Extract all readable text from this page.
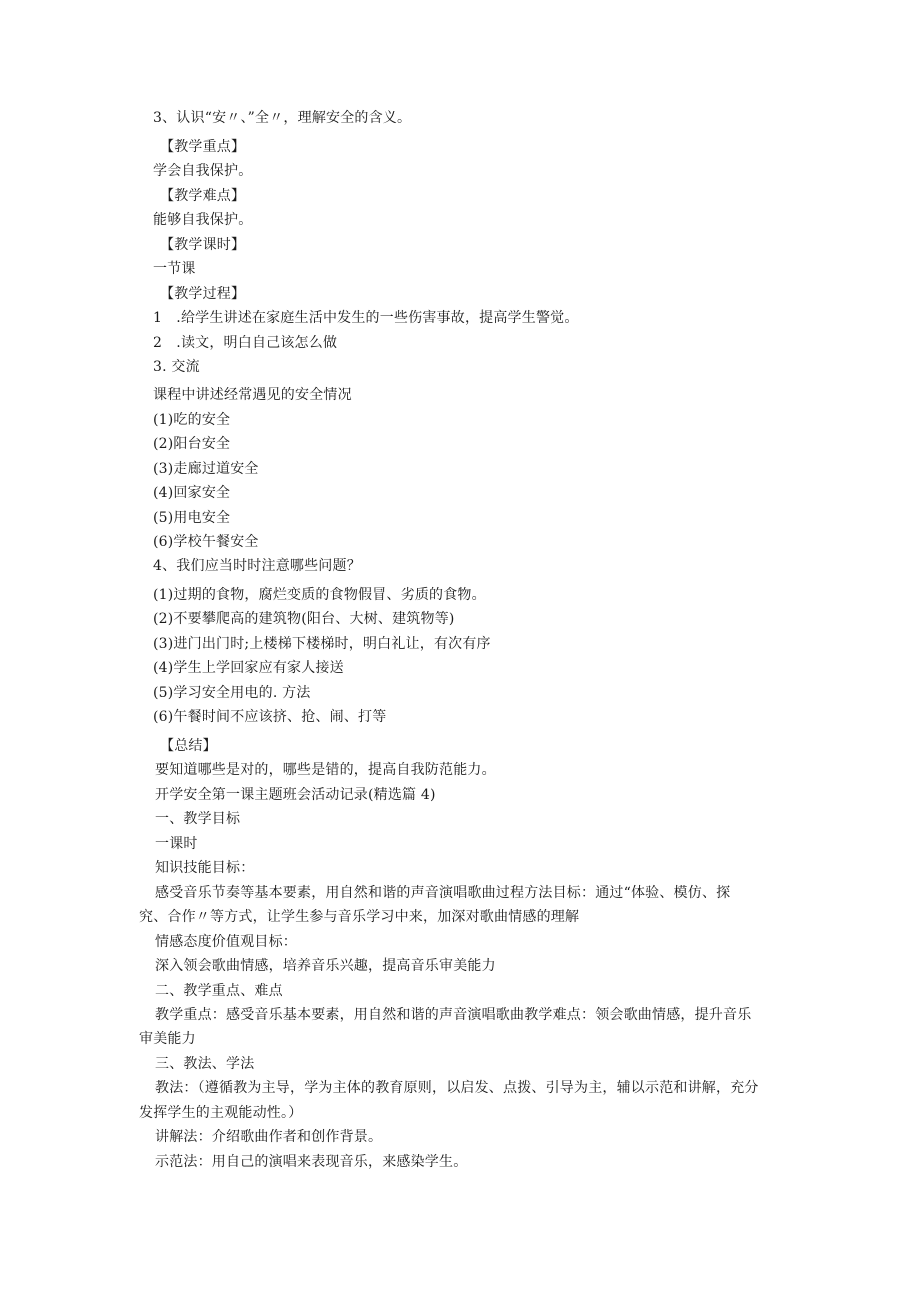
3、认识“安〃、”全〃，理解安全的含义。
【教学重点】
学会自我保护。
【教学难点】
能够自我保护。
【教学课时】
一节课
【教学过程】
1　.给学生讲述在家庭生活中发生的一些伤害事故，提高学生警觉。
2　.读文，明白自己该怎么做
3. 交流
课程中讲述经常遇见的安全情况
(1)吃的安全
(2)阳台安全
(3)走廊过道安全
(4)回家安全
(5)用电安全
(6)学校午餐安全
4、我们应当时时注意哪些问题？
(1)过期的食物，腐烂变质的食物假冒、劣质的食物。
(2)不要攀爬高的建筑物(阳台、大树、建筑物等)
(3)进门出门时;上楼梯下楼梯时，明白礼让，有次有序
(4)学生上学回家应有家人接送
(5)学习安全用电的. 方法
(6)午餐时间不应该挤、抢、闹、打等
【总结】
要知道哪些是对的，哪些是错的，提高自我防范能力。
开学安全第一课主题班会活动记录(精选篇 4)
一、教学目标
一课时
知识技能目标：
感受音乐节奏等基本要素，用自然和谐的声音演唱歌曲过程方法目标：通过“体验、模仿、探
究、合作〃等方式，让学生参与音乐学习中来，加深对歌曲情感的理解
情感态度价值观目标：
深入领会歌曲情感，培养音乐兴趣，提高音乐审美能力
二、教学重点、难点
教学重点：感受音乐基本要素，用自然和谐的声音演唱歌曲教学难点：领会歌曲情感，提升音乐
审美能力
三、教法、学法
教法：（遵循教为主导，学为主体的教育原则，以启发、点拨、引导为主，辅以示范和讲解，充分
发挥学生的主观能动性。）
讲解法：介绍歌曲作者和创作背景。
示范法：用自己的演唱来表现音乐，来感染学生。
